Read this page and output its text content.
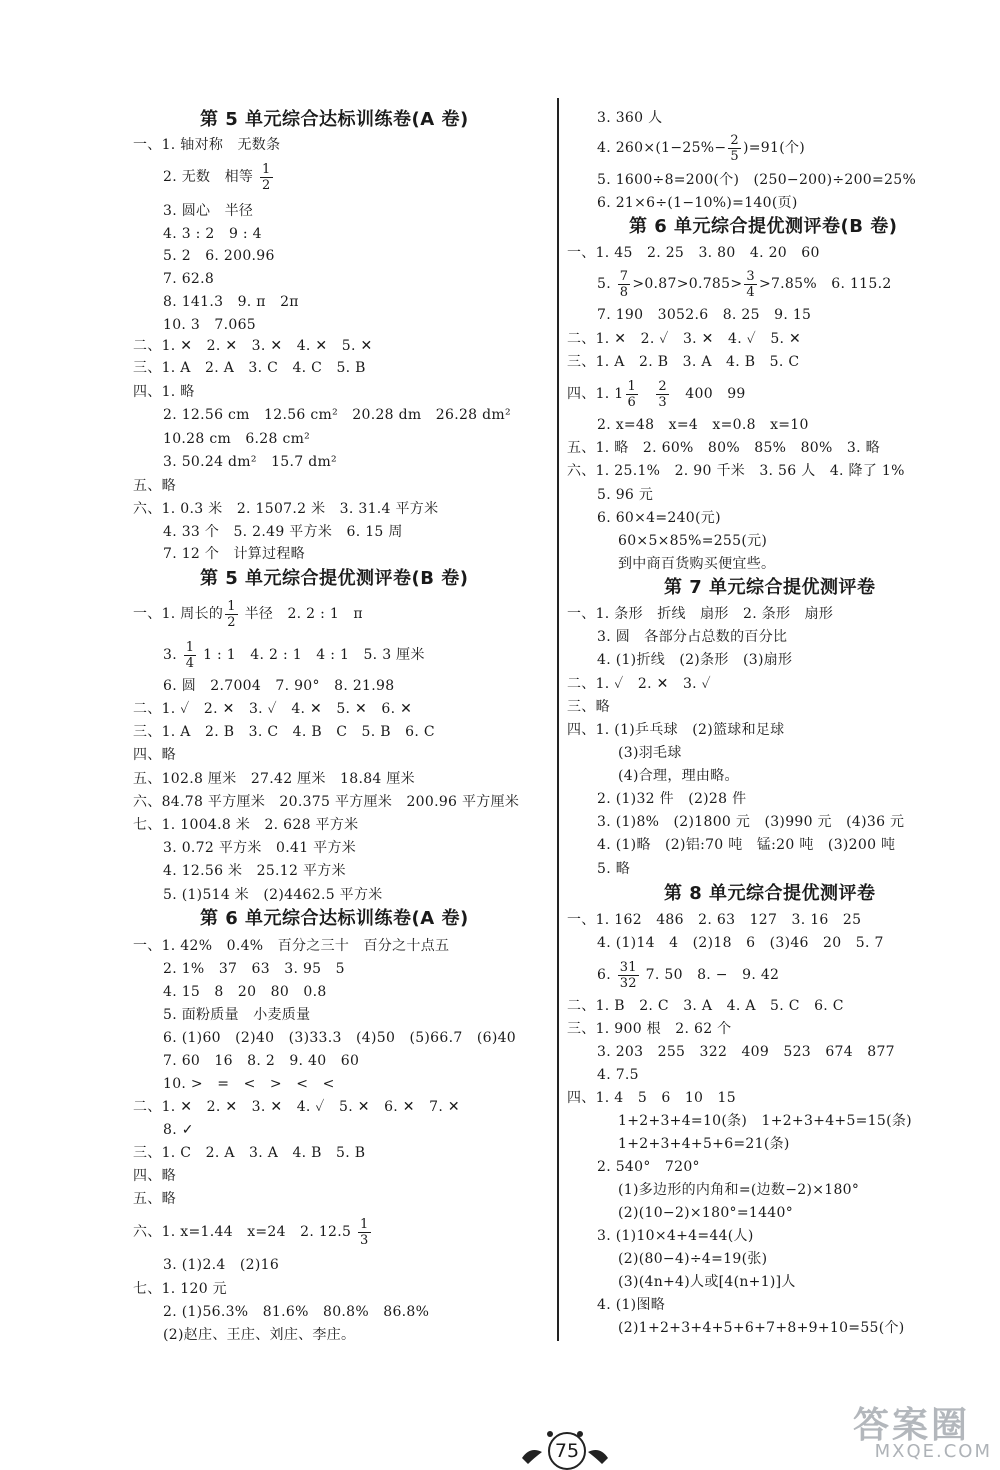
第 5 单元综合达标训练卷(A 卷)
一、1. 轴对称　无数条
2. 无数　相等 $\frac{1}{2}$
3. 圆心　半径
4. 3 : 2　9 : 4
5. 2　6. 200.96
7. 62.8
8. 141.3　9. π　2π
10. 3　7.065
二、1. ✕　2. ✕　3. ✕　4. ✕　5. ✕
三、1. A　2. A　3. C　4. C　5. B
四、1. 略
2. 12.56 cm　12.56 cm²　20.28 dm　26.28 dm²
10.28 cm　6.28 cm²
3. 50.24 dm²　15.7 dm²
五、略
六、1. 0.3 米　2. 1507.2 米　3. 31.4 平方米
4. 33 个　5. 2.49 平方米　6. 15 周
7. 12 个　计算过程略
第 5 单元综合提优测评卷(B 卷)
一、1. 周长的 $\frac{1}{2}$ 半径　2. 2 : 1　π
3. $\frac{1}{4} 1$ : 1　4. 2 : 1　4 : 1　5. 3 厘米
6. 圆　2.7004　7. 90°　8. 21.98
二、1. ✓　2. ✕　3. ✓　4. ✕　5. ✕　6. ✕
三、1. A　2. B　3. C　4. B　C　5. B　6. C
四、略
五、102.8 厘米　27.42 厘米　18.84 厘米
六、84.78 平方厘米　20.375 平方厘米　200.96 平方厘米
七、1. 1004.8 米　2. 628 平方米
3. 0.72 平方米　0.41 平方米
4. 12.56 米　25.12 平方米
5. (1)514 米　(2)4462.5 平方米
第 6 单元综合达标训练卷(A 卷)
一、1. 42%　0.4%　百分之三十　百分之十点五
2. 1%　37　63　3. 95　5
4. 15　8　20　80　0.8
5. 面粉质量　小麦质量
6. (1)60　(2)40　(3)33.3　(4)50　(5)66.7　(6)40
7. 60　16　8. 2　9. 40　60
10. >　=　<　>　<　<
二、1. ✕　2. ✕　3. ✕　4. ✓　5. ✕　6. ✕　7. ✕
8. ✓
三、1. C　2. A　3. A　4. B　5. B
四、略
五、略
六、1. x=1.44　x=24　2. $12.5 \frac{1}{3}$
3. (1)2.4　(2)16
七、1. 120 元
2. (1)56.3%　81.6%　80.8%　86.8%
(2)赵庄、王庄、刘庄、李庄。
3. 360 人
4. $260\times(1-25\%- \frac{2}{5} )=91$(个)
5. 1600÷8=200(个)　(250−200)÷200=25%
6. 21×6÷(1−10%)=140(页)
第 6 单元综合提优测评卷(B 卷)
一、1. 45　2. 25　3. 80　4. 20　60
5. $\frac{7}{8} >0.87>0.785> \frac{3}{4} >7.85\%$　6. 115.2
7. 190　3052.6　8. 25　9. 15
二、1. ✕　2. ✓　3. ✕　4. ✓　5. ✕
三、1. A　2. B　3. A　4. B　5. C
四、1. $1 \frac{1}{6}$
　 $\frac{2}{3}$
　 400　99
2. x=48　x=4　x=0.8　x=10
五、1. 略　2. 60%　80%　85%　80%　3. 略
六、1. 25.1%　2. 90 千米　3. 56 人　4. 降了 1%
5. 96 元
6. 60×4=240(元)
60×5×85%=255(元)
到中商百货购买便宜些。
第 7 单元综合提优测评卷
一、1. 条形　折线　扇形　2. 条形　扇形
3. 圆　各部分占总数的百分比
4. (1)折线　(2)条形　(3)扇形
二、1. ✓　2. ✕　3. ✓
三、略
四、1. (1)乒乓球　(2)篮球和足球
(3)羽毛球
(4)合理，理由略。
2. (1)32 件　(2)28 件
3. (1)8%　(2)1800 元　(3)990 元　(4)36 元
4. (1)略　(2)铝:70 吨　锰:20 吨　(3)200 吨
5. 略
第 8 单元综合提优测评卷
一、1. 162　486　2. 63　127　3. 16　25
4. (1)14　4　(2)18　6　(3)46　20　5. 7
6. $\frac{31}{32} 7$. 50　8. −　9. 42
二、1. B　2. C　3. A　4. A　5. C　6. C
三、1. 900 根　2. 62 个
3. 203　255　322　409　523　674　877
4. 7.5
四、1. 4　5　6　10　15
1+2+3+4=10(条)　1+2+3+4+5=15(条)
1+2+3+4+5+6=21(条)
2. 540°　720°
(1)多边形的内角和=(边数−2)×180°
(2)(10−2)×180°=1440°
3. (1)10×4+4=44(人)
(2)(80−4)÷4=19(张)
(3)(4n+4)人或[4(n+1)]人
4. (1)图略
(2)1+2+3+4+5+6+7+8+9+10=55(个)
75
答案圈
MXQE.COM
